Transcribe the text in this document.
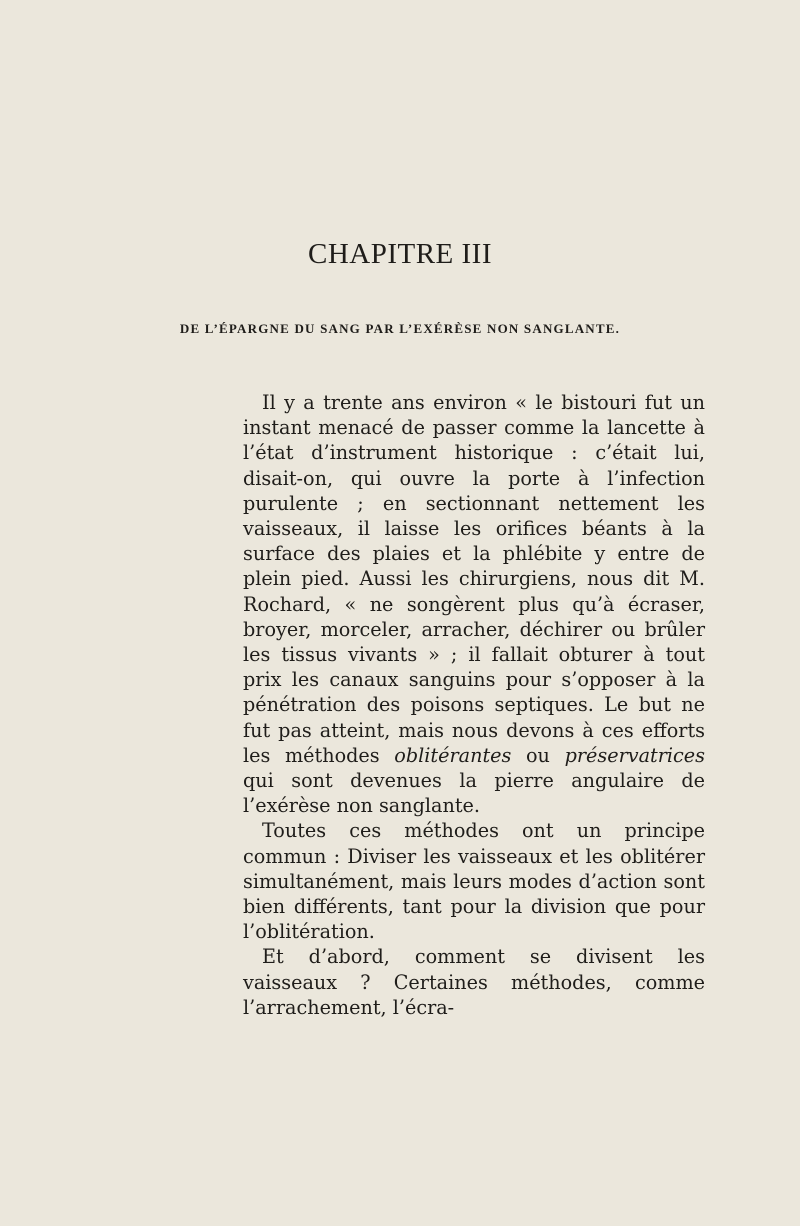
CHAPITRE III
DE L’ÉPARGNE DU SANG PAR L’EXÉRÈSE NON SANGLANTE.

Il y a trente ans environ « le bistouri fut un instant menacé de passer comme la lancette à l’état d’instrument historique : c’était lui, disait-on, qui ouvre la porte à l’infection purulente ; en sectionnant nettement les vaisseaux, il laisse les orifices béants à la surface des plaies et la phlébite y entre de plein pied. Aussi les chirurgiens, nous dit M. Rochard, « ne songèrent plus qu’à écraser, broyer, morceler, arracher, déchirer ou brûler les tissus vivants » ; il fallait obturer à tout prix les canaux sanguins pour s’opposer à la pénétration des poisons septiques. Le but ne fut pas atteint, mais nous devons à ces efforts les méthodes oblitérantes ou préservatrices qui sont devenues la pierre angulaire de l’exérèse non sanglante.

Toutes ces méthodes ont un principe commun : Diviser les vaisseaux et les oblitérer simultanément, mais leurs modes d’action sont bien différents, tant pour la division que pour l’oblitération.

Et d’abord, comment se divisent les vaisseaux ? Certaines méthodes, comme l’arrachement, l’écra-
